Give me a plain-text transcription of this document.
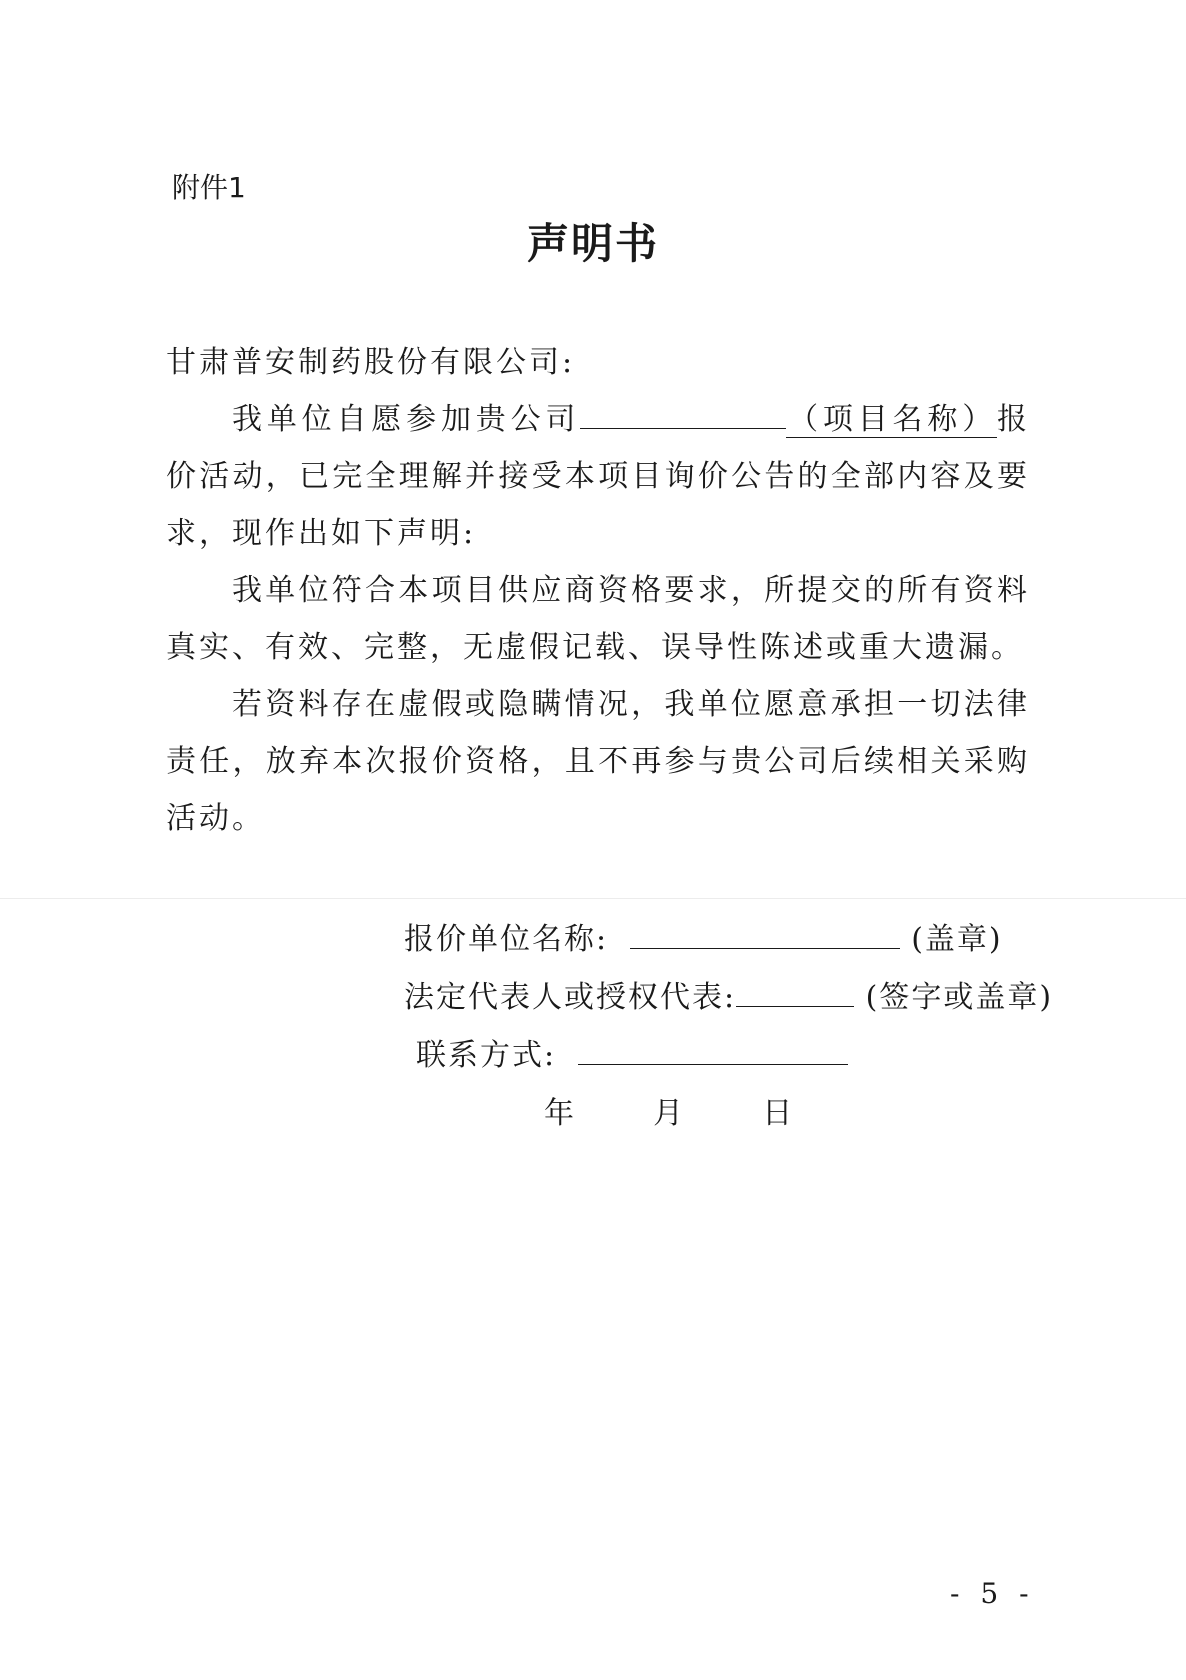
附件1
声明书

甘肃普安制药股份有限公司:

我单位自愿参加贵公司	（项目名称）报价活动，已完全理解并接受本项目询价公告的全部内容及要求，现作出如下声明:

我单位符合本项目供应商资格要求，所提交的所有资料真实、有效、完整，无虚假记载、误导性陈述或重大遗漏。

若资料存在虚假或隐瞒情况，我单位愿意承担一切法律责任，放弃本次报价资格，且不再参与贵公司后续相关采购活动。

报价单位名称:	(盖章)
法定代表人或授权代表:	(签字或盖章)
联系方式:
年	月	日
- 5 -
